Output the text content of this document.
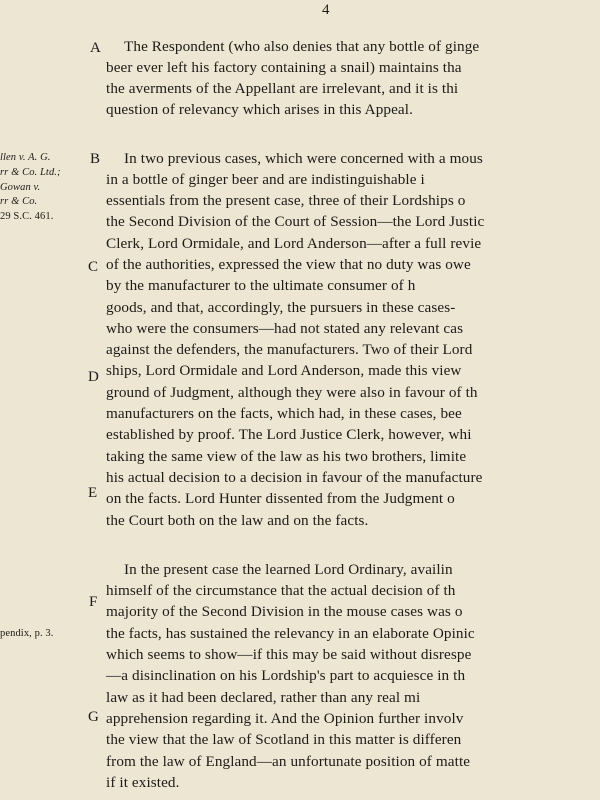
4
A
B
C
D
E
F
G
llen v. A. G.
rr & Co. Ltd.;
Gowan v.
rr & Co.
29 S.C. 461.
pendix, p. 3.
The Respondent (who also denies that any bottle of ginge
beer ever left his factory containing a snail) maintains tha
the averments of the Appellant are irrelevant, and it is thi
question of relevancy which arises in this Appeal.
In two previous cases, which were concerned with a mous
in a bottle of ginger beer and are indistinguishable i
essentials from the present case, three of their Lordships o
the Second Division of the Court of Session—the Lord Justic
Clerk, Lord Ormidale, and Lord Anderson—after a full revie
of the authorities, expressed the view that no duty was owe
by the manufacturer to the ultimate consumer of h
goods, and that, accordingly, the pursuers in these cases-
who were the consumers—had not stated any relevant cas
against the defenders, the manufacturers. Two of their Lord
ships, Lord Ormidale and Lord Anderson, made this view
ground of Judgment, although they were also in favour of th
manufacturers on the facts, which had, in these cases, bee
established by proof. The Lord Justice Clerk, however, whi
taking the same view of the law as his two brothers, limite
his actual decision to a decision in favour of the manufacture
on the facts. Lord Hunter dissented from the Judgment o
the Court both on the law and on the facts.
In the present case the learned Lord Ordinary, availin
himself of the circumstance that the actual decision of th
majority of the Second Division in the mouse cases was o
the facts, has sustained the relevancy in an elaborate Opinic
which seems to show—if this may be said without disrespe
—a disinclination on his Lordship's part to acquiesce in th
law as it had been declared, rather than any real mi
apprehension regarding it. And the Opinion further involv
the view that the law of Scotland in this matter is differen
from the law of England—an unfortunate position of matte
if it existed.
